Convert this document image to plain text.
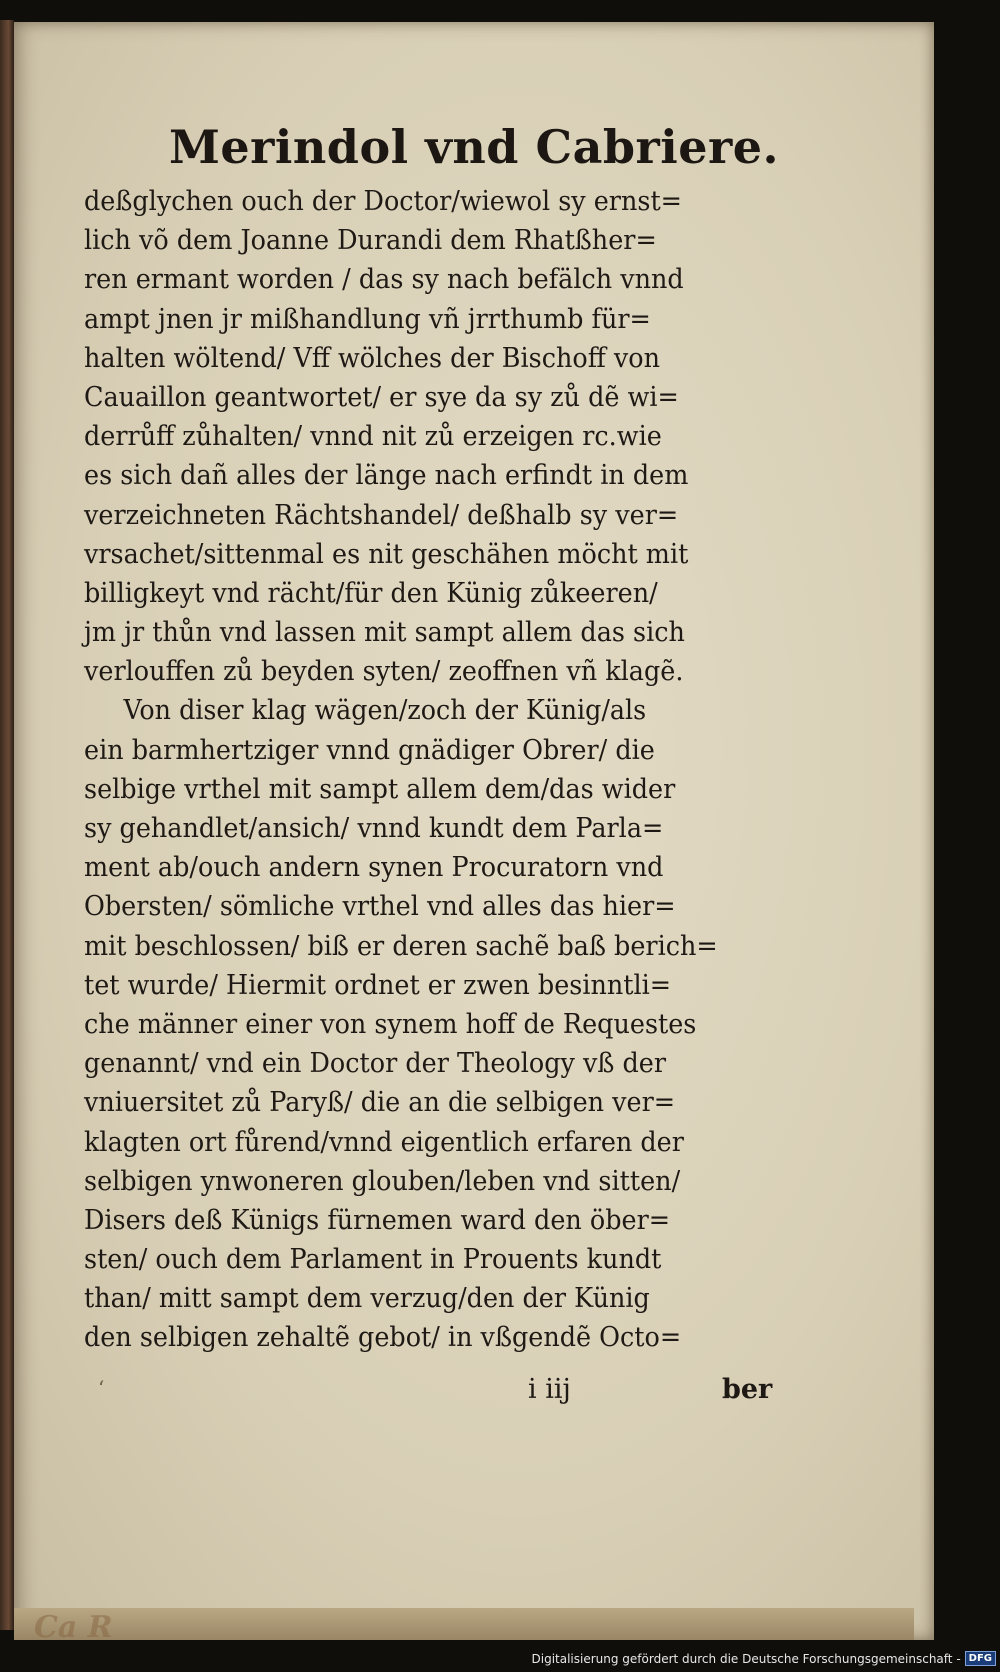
Merindol vnd Cabriere.
deßglychen ouch der Doctor/wiewol sy ernst=
lich võ dem Joanne Durandi dem Rhatßher=
ren ermant worden / das sy nach befälch vnnd
ampt jnen jr mißhandlung vñ jrrthumb für=
halten wöltend/ Vff wölches der Bischoff von
Cauaillon geantwortet/ er sye da sy zů dẽ wi=
derrůff zůhalten/ vnnd nit zů erzeigen rc.wie
es sich dañ alles der länge nach erfindt in dem
verzeichneten Rächtshandel/ deßhalb sy ver=
vrsachet/sittenmal es nit geschähen möcht mit
billigkeyt vnd rächt/für den Künig zůkeeren/
jm jr thůn vnd lassen mit sampt allem das sich
verlouffen zů beyden syten/ zeoffnen vñ klagẽ.
Von diser klag wägen/zoch der Künig/als
ein barmhertziger vnnd gnädiger Obrer/ die
selbige vrthel mit sampt allem dem/das wider
sy gehandlet/ansich/ vnnd kundt dem Parla=
ment ab/ouch andern synen Procuratorn vnd
Obersten/ sömliche vrthel vnd alles das hier=
mit beschlossen/ biß er deren sachẽ baß berich=
tet wurde/ Hiermit ordnet er zwen besinntli=
che männer einer von synem hoff de Requestes
genannt/ vnd ein Doctor der Theology vß der
vniuersitet zů Paryß/ die an die selbigen ver=
klagten ort fůrend/vnnd eigentlich erfaren der
selbigen ynwoneren glouben/leben vnd sitten/
Disers deß Künigs fürnemen ward den öber=
sten/ ouch dem Parlament in Prouents kundt
than/ mitt sampt dem verzug/den der Künig
den selbigen zehaltẽ gebot/ in vßgendẽ Octo=
‘	i iij	ber
Ca R
Digitalisierung gefördert durch die Deutsche Forschungsgemeinschaft - DFG
